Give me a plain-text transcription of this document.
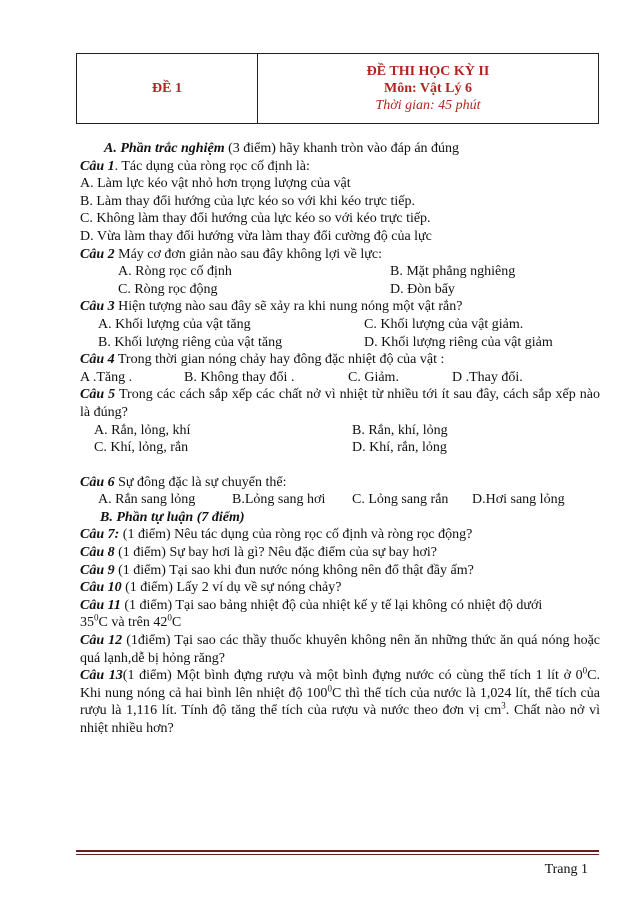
ĐỀ 1
ĐỀ THI HỌC KỲ II
Môn: Vật Lý 6
Thời gian: 45 phút
A. Phần trắc nghiệm (3 điểm) hãy khanh tròn vào đáp án đúng
Câu 1. Tác dụng của ròng rọc cố định là:
A. Làm lực kéo vật nhỏ hơn trọng lượng của vật
B. Làm thay đổi hướng của lực kéo so với khi kéo trực tiếp.
C. Không làm thay đổi hướng của lực kéo so với kéo trực tiếp.
D. Vừa làm thay đổi hướng vừa làm thay đổi cường độ của lực
Câu 2 Máy cơ đơn giản nào sau đây không lợi về lực:
A. Ròng rọc cố định	B. Mặt phẳng nghiêng
C. Ròng rọc động	D. Đòn bẩy
Câu 3 Hiện tượng nào sau đây sẽ xảy ra khi nung nóng một vật rắn?
A. Khối lượng của vật tăng	C. Khối lượng của vật giảm.
B. Khối lượng riêng của vật tăng	D. Khối lượng riêng của vật giảm
Câu 4 Trong thời gian nóng chảy hay đông đặc nhiệt độ của vật :
A .Tăng .	B. Không thay đổi .	C. Giảm.	D .Thay đổi.
Câu 5 Trong các cách sắp xếp các chất nở vì nhiệt từ nhiều tới ít sau đây, cách sắp xếp nào là đúng?
A. Rắn, lỏng, khí	B. Rắn, khí, lỏng
C. Khí, lỏng, rắn	D. Khí, rắn, lỏng
Câu 6 Sự đông đặc là sự chuyển thể:
A. Rắn sang lỏng	B.Lỏng sang hơi	C. Lỏng sang rắn	D.Hơi sang lỏng
B. Phần tự luận (7 điểm)
Câu 7: (1 điểm) Nêu tác dụng của ròng rọc cố định và ròng rọc động?
Câu 8 (1 điểm) Sự bay hơi là gì? Nêu đặc điểm của sự bay hơi?
Câu 9 (1 điểm) Tại sao khi đun nước nóng không nên đổ thật đầy ấm?
Câu 10 (1 điểm) Lấy 2 ví dụ về sự nóng chảy?
Câu 11 (1 điểm) Tại sao bảng nhiệt độ của nhiệt kế y tế lại không có nhiệt độ dưới
$35^0C$ và trên $42^0C$
Câu 12 (1điểm) Tại sao các thầy thuốc khuyên không nên ăn những thức ăn quá nóng hoặc quá lạnh,dễ bị hỏng răng?
Câu 13(1 điểm) Một bình đựng rượu và một bình đựng nước có cùng thể tích 1 lít ở $0^0C$. Khi nung nóng cả hai bình lên nhiệt độ $100^0C$ thì thể tích của nước là 1,024 lít, thể tích của rượu là 1,116 lít. Tính độ tăng thể tích của rượu và nước theo đơn vị $cm^3$. Chất nào nở vì nhiệt nhiều hơn?
Trang 1
